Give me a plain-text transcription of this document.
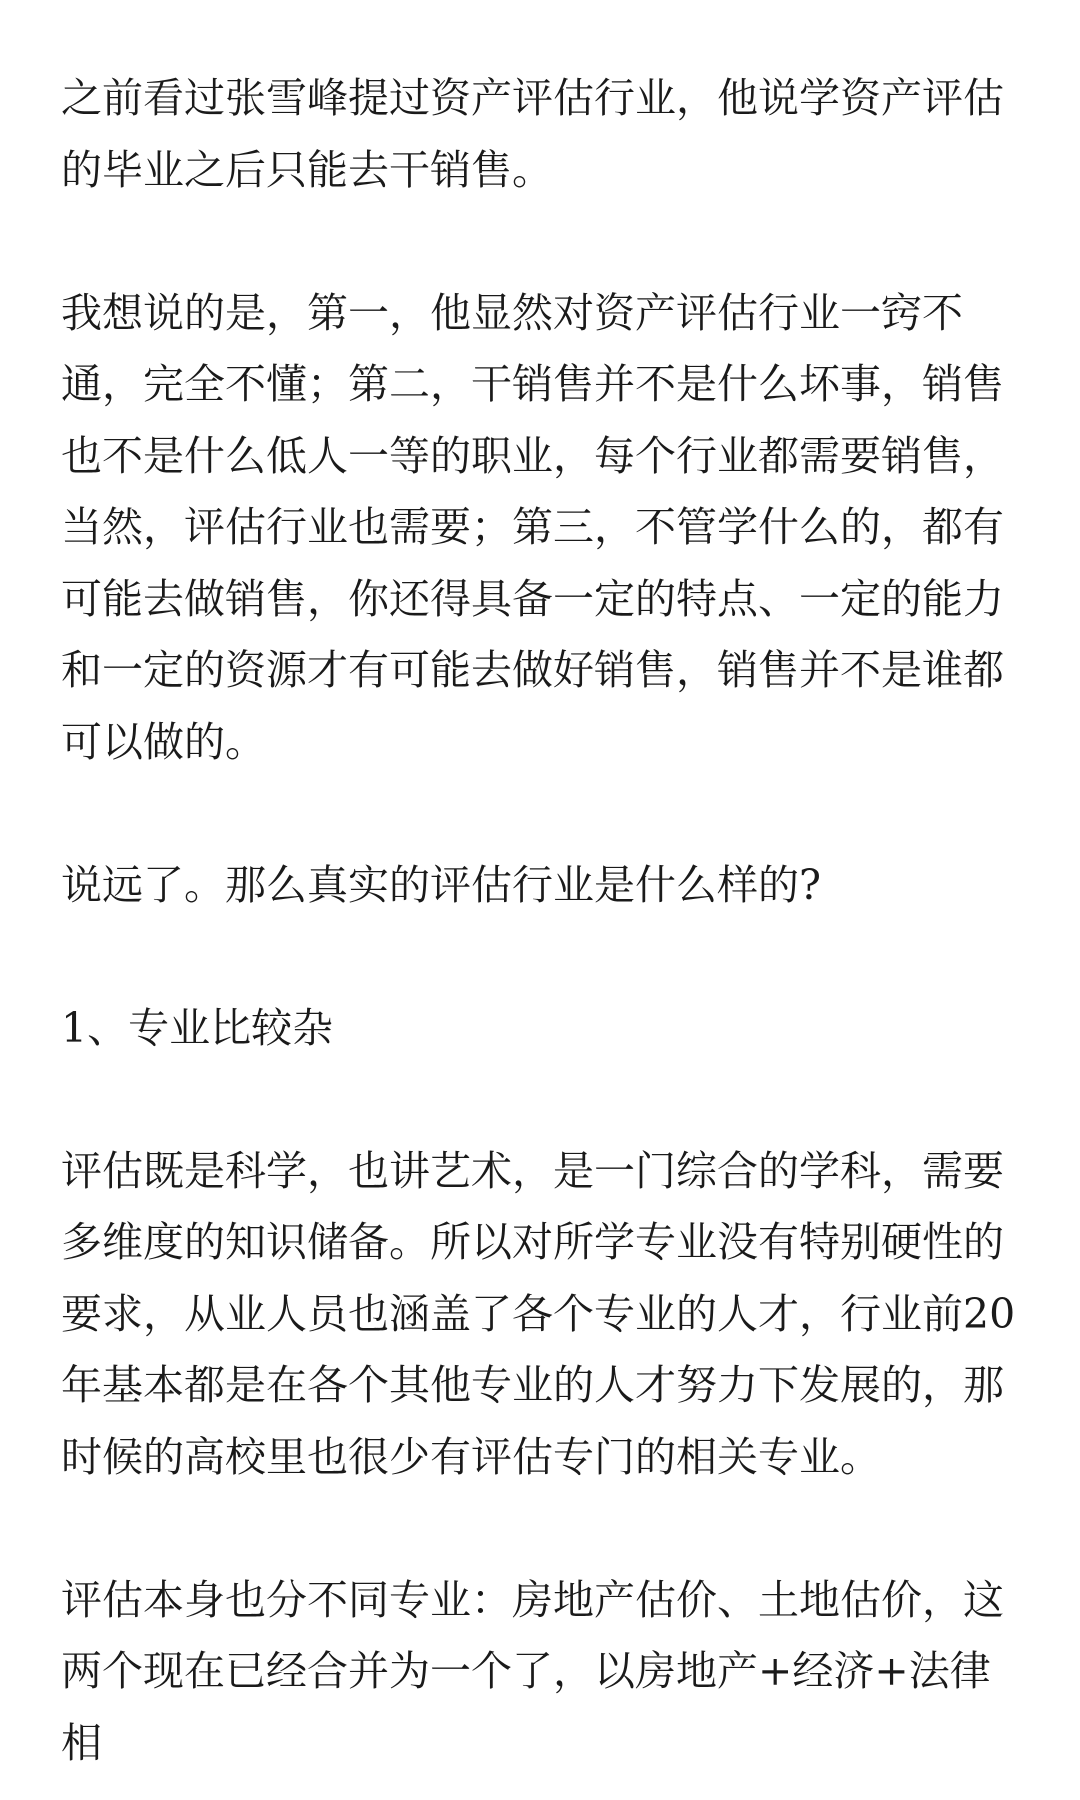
之前看过张雪峰提过资产评估行业，他说学资产评估的毕业之后只能去干销售。

我想说的是，第一，他显然对资产评估行业一窍不通，完全不懂；第二，干销售并不是什么坏事，销售也不是什么低人一等的职业，每个行业都需要销售，当然，评估行业也需要；第三，不管学什么的，都有可能去做销售，你还得具备一定的特点、一定的能力和一定的资源才有可能去做好销售，销售并不是谁都可以做的。

说远了。那么真实的评估行业是什么样的?

1、专业比较杂

评估既是科学，也讲艺术，是一门综合的学科，需要多维度的知识储备。所以对所学专业没有特别硬性的要求，从业人员也涵盖了各个专业的人才，行业前20年基本都是在各个其他专业的人才努力下发展的，那时候的高校里也很少有评估专门的相关专业。

评估本身也分不同专业：房地产估价、土地估价，这两个现在已经合并为一个了，以房地产+经济+法律相
